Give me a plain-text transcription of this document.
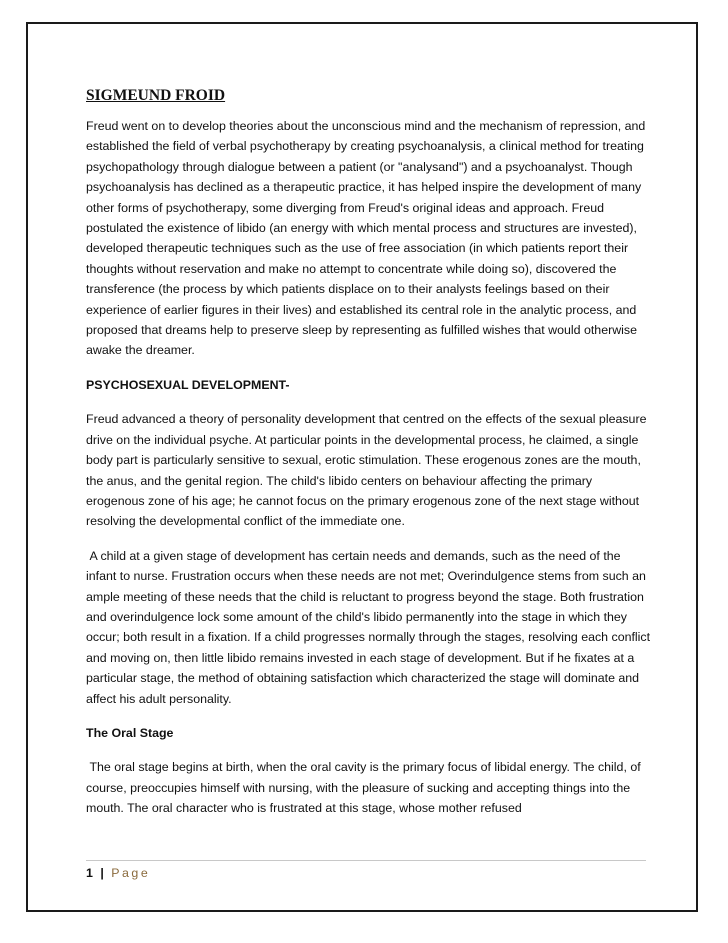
SIGMEUND FROID

Freud went on to develop theories about the unconscious mind and the mechanism of repression, and established the field of verbal psychotherapy by creating psychoanalysis, a clinical method for treating psychopathology through dialogue between a patient (or "analysand") and a psychoanalyst. Though psychoanalysis has declined as a therapeutic practice, it has helped inspire the development of many other forms of psychotherapy, some diverging from Freud's original ideas and approach. Freud postulated the existence of libido (an energy with which mental process and structures are invested), developed therapeutic techniques such as the use of free association (in which patients report their thoughts without reservation and make no attempt to concentrate while doing so), discovered the transference (the process by which patients displace on to their analysts feelings based on their experience of earlier figures in their lives) and established its central role in the analytic process, and proposed that dreams help to preserve sleep by representing as fulfilled wishes that would otherwise awake the dreamer.

PSYCHOSEXUAL DEVELOPMENT-

Freud advanced a theory of personality development that centred on the effects of the sexual pleasure drive on the individual psyche. At particular points in the developmental process, he claimed, a single body part is particularly sensitive to sexual, erotic stimulation. These erogenous zones are the mouth, the anus, and the genital region. The child's libido centers on behaviour affecting the primary erogenous zone of his age; he cannot focus on the primary erogenous zone of the next stage without resolving the developmental conflict of the immediate one.

A child at a given stage of development has certain needs and demands, such as the need of the infant to nurse. Frustration occurs when these needs are not met; Overindulgence stems from such an ample meeting of these needs that the child is reluctant to progress beyond the stage. Both frustration and overindulgence lock some amount of the child's libido permanently into the stage in which they occur; both result in a fixation. If a child progresses normally through the stages, resolving each conflict and moving on, then little libido remains invested in each stage of development. But if he fixates at a particular stage, the method of obtaining satisfaction which characterized the stage will dominate and affect his adult personality.

The Oral Stage

The oral stage begins at birth, when the oral cavity is the primary focus of libidal energy. The child, of course, preoccupies himself with nursing, with the pleasure of sucking and accepting things into the mouth. The oral character who is frustrated at this stage, whose mother refused

1 | Page
